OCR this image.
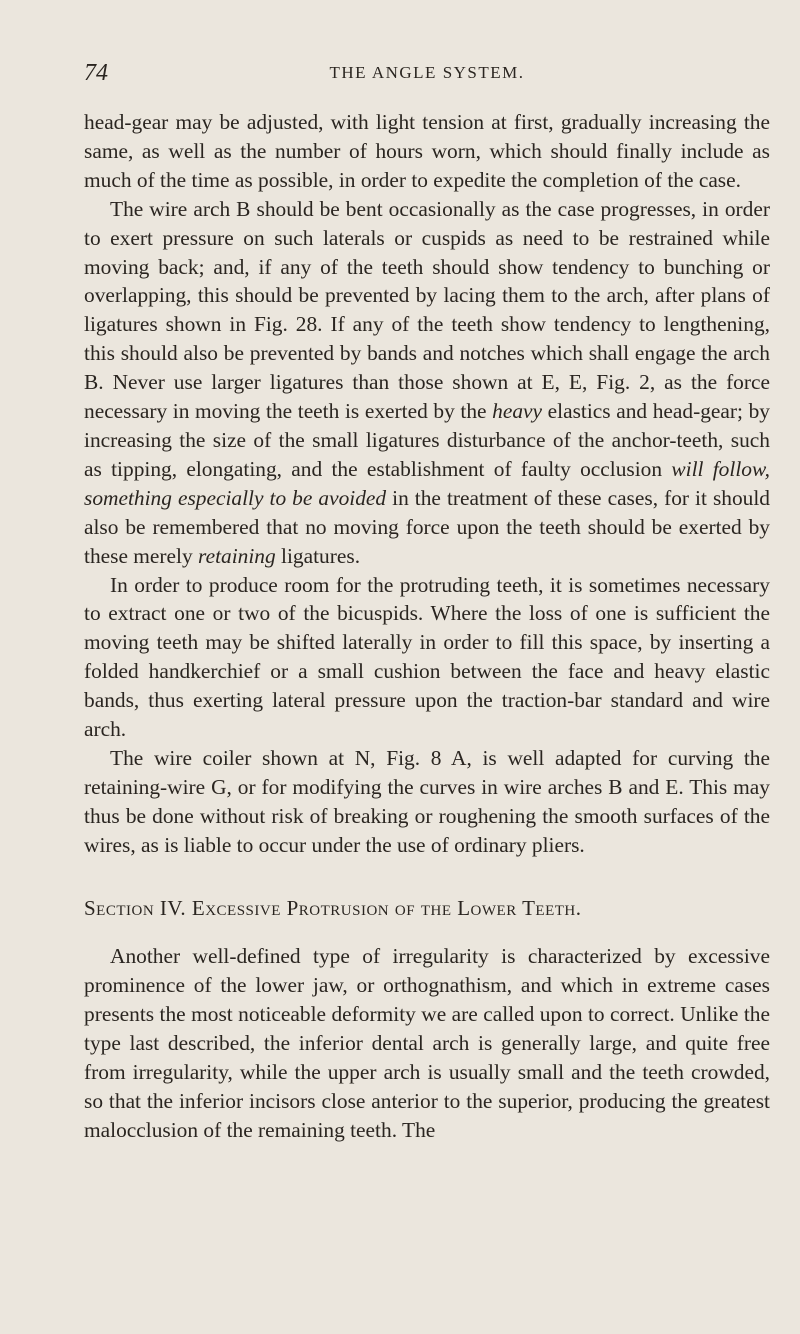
74	THE ANGLE SYSTEM.

head-gear may be adjusted, with light tension at first, gradually increasing the same, as well as the number of hours worn, which should finally include as much of the time as possible, in order to expedite the completion of the case.

The wire arch B should be bent occasionally as the case progresses, in order to exert pressure on such laterals or cuspids as need to be restrained while moving back; and, if any of the teeth should show tendency to bunching or overlapping, this should be prevented by lacing them to the arch, after plans of ligatures shown in Fig. 28. If any of the teeth show tendency to lengthening, this should also be prevented by bands and notches which shall engage the arch B. Never use larger ligatures than those shown at E, E, Fig. 2, as the force necessary in moving the teeth is exerted by the heavy elastics and head-gear; by increasing the size of the small ligatures disturbance of the anchor-teeth, such as tipping, elongating, and the establishment of faulty occlusion will follow, something especially to be avoided in the treatment of these cases, for it should also be remembered that no moving force upon the teeth should be exerted by these merely retaining ligatures.

In order to produce room for the protruding teeth, it is sometimes necessary to extract one or two of the bicuspids. Where the loss of one is sufficient the moving teeth may be shifted laterally in order to fill this space, by inserting a folded handkerchief or a small cushion between the face and heavy elastic bands, thus exerting lateral pressure upon the traction-bar standard and wire arch.

The wire coiler shown at N, Fig. 8 A, is well adapted for curving the retaining-wire G, or for modifying the curves in wire arches B and E. This may thus be done without risk of breaking or roughening the smooth surfaces of the wires, as is liable to occur under the use of ordinary pliers.

Section IV. Excessive Protrusion of the Lower Teeth.

Another well-defined type of irregularity is characterized by excessive prominence of the lower jaw, or orthognathism, and which in extreme cases presents the most noticeable deformity we are called upon to correct. Unlike the type last described, the inferior dental arch is generally large, and quite free from irregularity, while the upper arch is usually small and the teeth crowded, so that the inferior incisors close anterior to the superior, producing the greatest malocclusion of the remaining teeth. The
